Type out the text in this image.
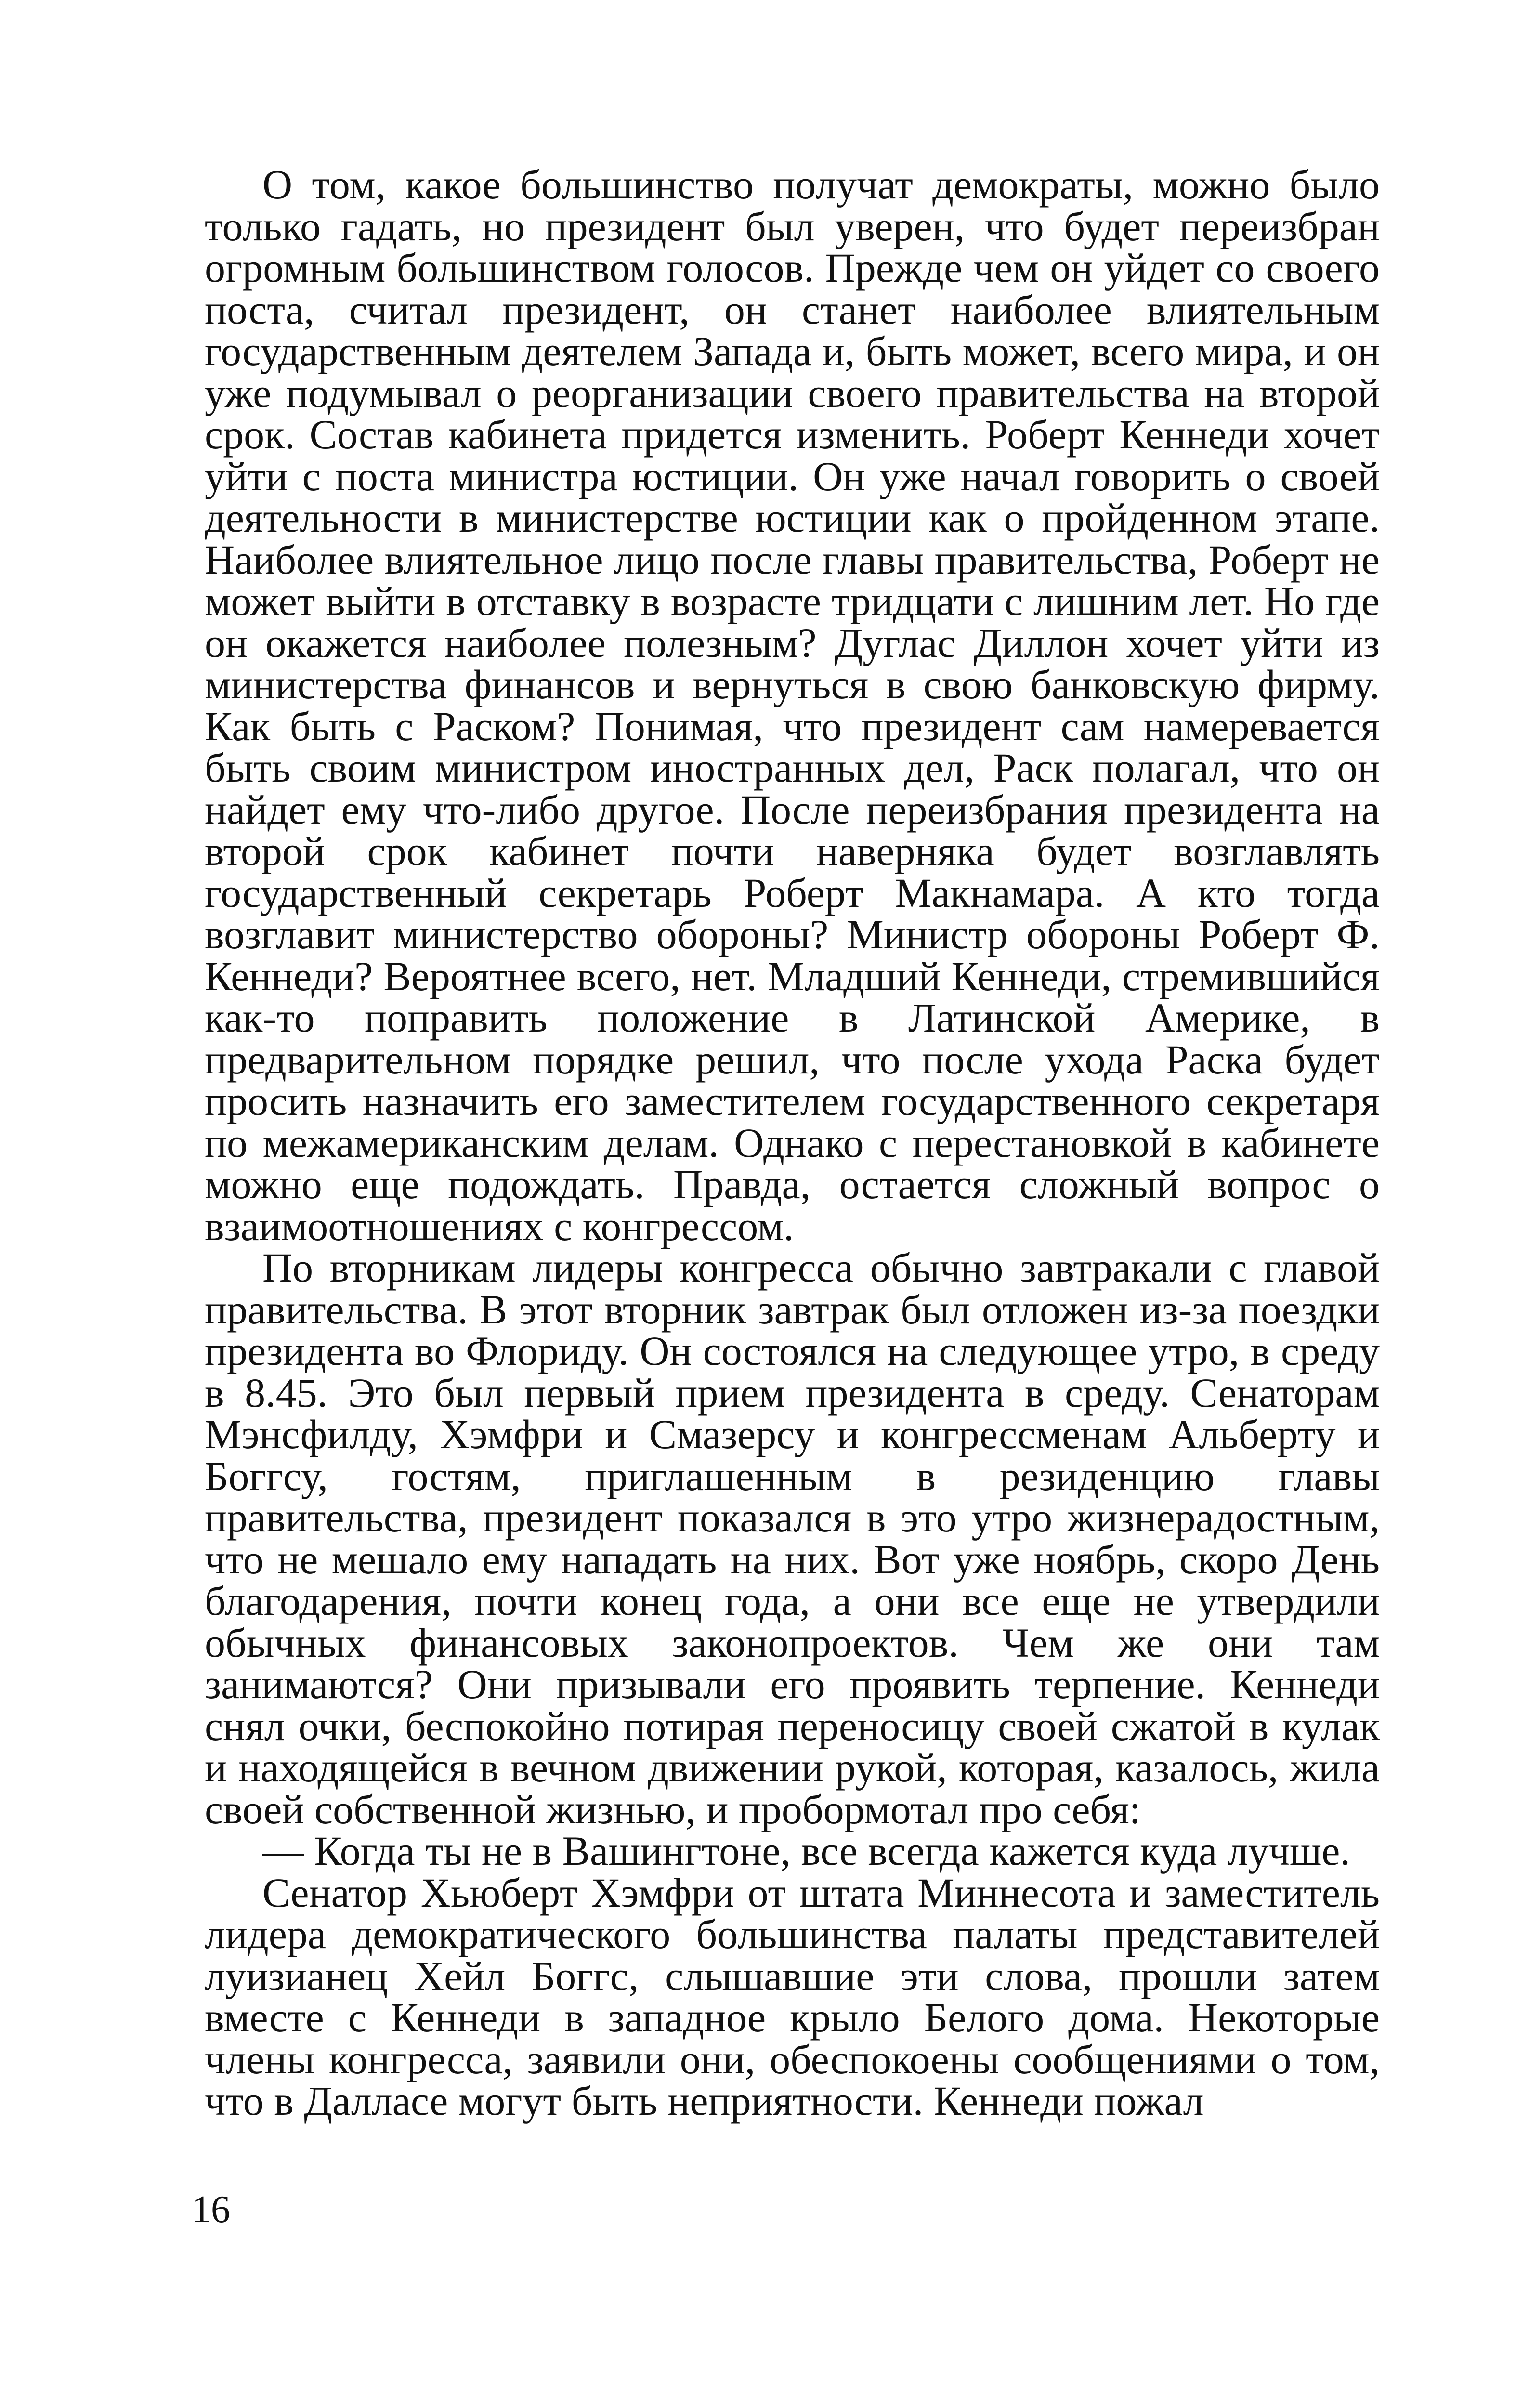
О том, какое большинство получат демократы, можно было только гадать, но президент был уверен, что будет переизбран огромным большинством голосов. Прежде чем он уйдет со своего поста, считал президент, он станет наиболее влиятельным государственным деятелем Запада и, быть может, всего мира, и он уже подумывал о реорганизации своего правительства на второй срок. Состав кабинета придется изменить. Роберт Кеннеди хочет уйти с поста министра юстиции. Он уже начал говорить о своей деятельности в министерстве юстиции как о пройденном этапе. Наиболее влиятельное лицо после главы правительства, Роберт не может выйти в отставку в возрасте тридцати с лишним лет. Но где он окажется наиболее полезным? Дуглас Диллон хочет уйти из министерства финансов и вернуться в свою банковскую фирму. Как быть с Раском? Понимая, что президент сам намеревается быть своим министром иностранных дел, Раск полагал, что он найдет ему что-либо другое. После переизбрания президента на второй срок кабинет почти наверняка будет возглавлять государственный секретарь Роберт Макнамара. А кто тогда возглавит министерство обороны? Министр обороны Роберт Ф. Кеннеди? Вероятнее всего, нет. Младший Кеннеди, стремившийся как-то поправить положение в Латинской Америке, в предварительном порядке решил, что после ухода Раска будет просить назначить его заместителем государственного секретаря по межамериканским делам. Однако с перестановкой в кабинете можно еще подождать. Правда, остается сложный вопрос о взаимоотношениях с конгрессом.

По вторникам лидеры конгресса обычно завтракали с главой правительства. В этот вторник завтрак был отложен из-за поездки президента во Флориду. Он состоялся на следующее утро, в среду в 8.45. Это был первый прием президента в среду. Сенаторам Мэнсфилду, Хэмфри и Смазерсу и конгрессменам Альберту и Боггсу, гостям, приглашенным в резиденцию главы правительства, президент показался в это утро жизнерадостным, что не мешало ему нападать на них. Вот уже ноябрь, скоро День благодарения, почти конец года, а они все еще не утвердили обычных финансовых законопроектов. Чем же они там занимаются? Они призывали его проявить терпение. Кеннеди снял очки, беспокойно потирая переносицу своей сжатой в кулак и находящейся в вечном движении рукой, которая, казалось, жила своей собственной жизнью, и пробормотал про себя:

— Когда ты не в Вашингтоне, все всегда кажется куда лучше.

Сенатор Хьюберт Хэмфри от штата Миннесота и заместитель лидера демократического большинства палаты представителей луизианец Хейл Боггс, слышавшие эти слова, прошли затем вместе с Кеннеди в западное крыло Белого дома. Некоторые члены конгресса, заявили они, обеспокоены сообщениями о том, что в Далласе могут быть неприятности. Кеннеди пожал

16
